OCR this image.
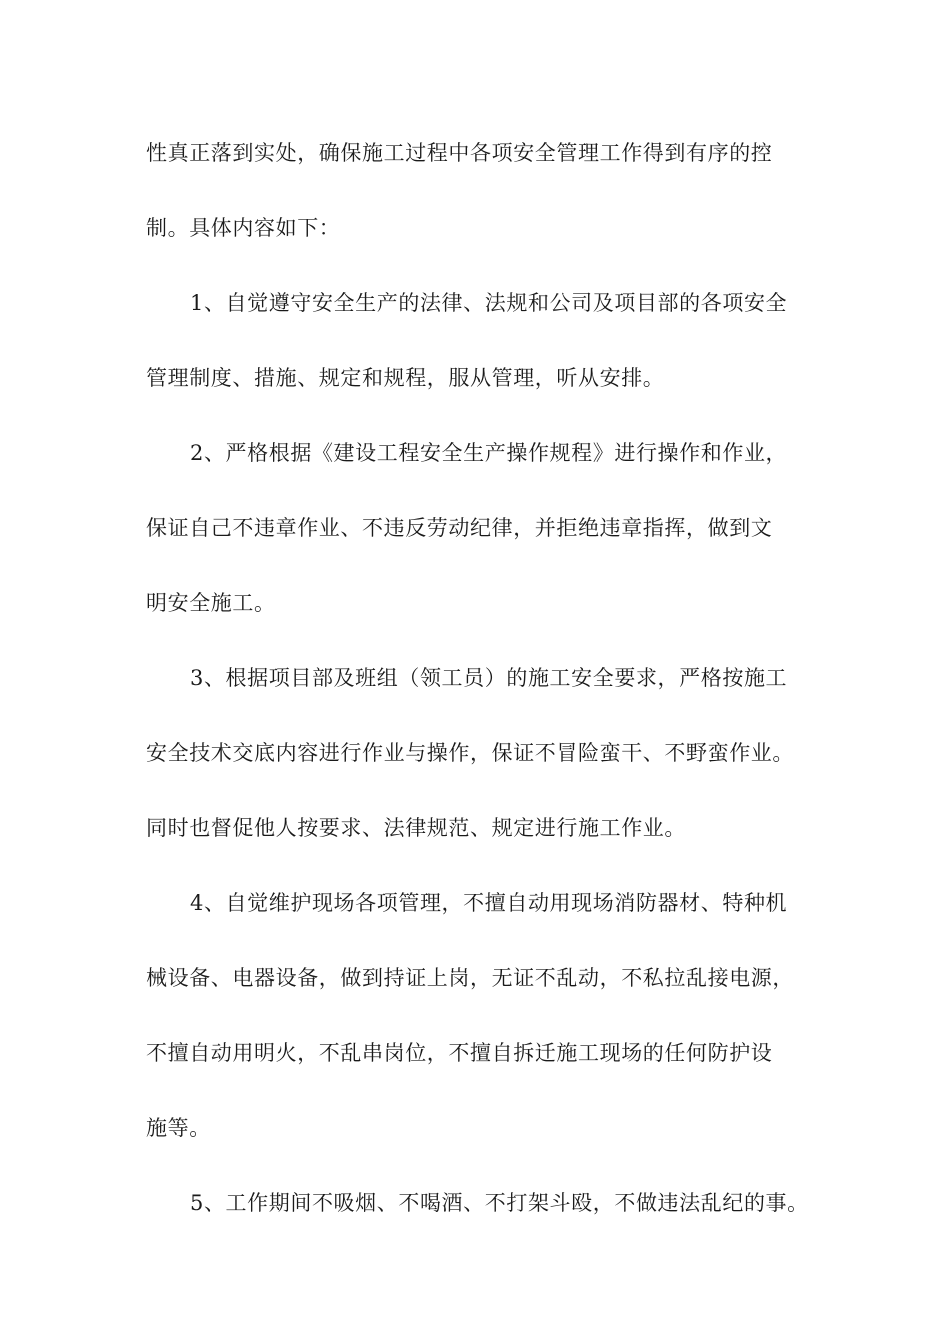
性真正落到实处，确保施工过程中各项安全管理工作得到有序的控

制。具体内容如下：

1、自觉遵守安全生产的法律、法规和公司及项目部的各项安全

管理制度、措施、规定和规程，服从管理，听从安排。

2、严格根据《建设工程安全生产操作规程》进行操作和作业，

保证自己不违章作业、不违反劳动纪律，并拒绝违章指挥，做到文

明安全施工。

3、根据项目部及班组（领工员）的施工安全要求，严格按施工

安全技术交底内容进行作业与操作，保证不冒险蛮干、不野蛮作业。

同时也督促他人按要求、法律规范、规定进行施工作业。

4、自觉维护现场各项管理，不擅自动用现场消防器材、特种机

械设备、电器设备，做到持证上岗，无证不乱动，不私拉乱接电源，

不擅自动用明火，不乱串岗位，不擅自拆迁施工现场的任何防护设

施等。

5、工作期间不吸烟、不喝酒、不打架斗殴，不做违法乱纪的事。
